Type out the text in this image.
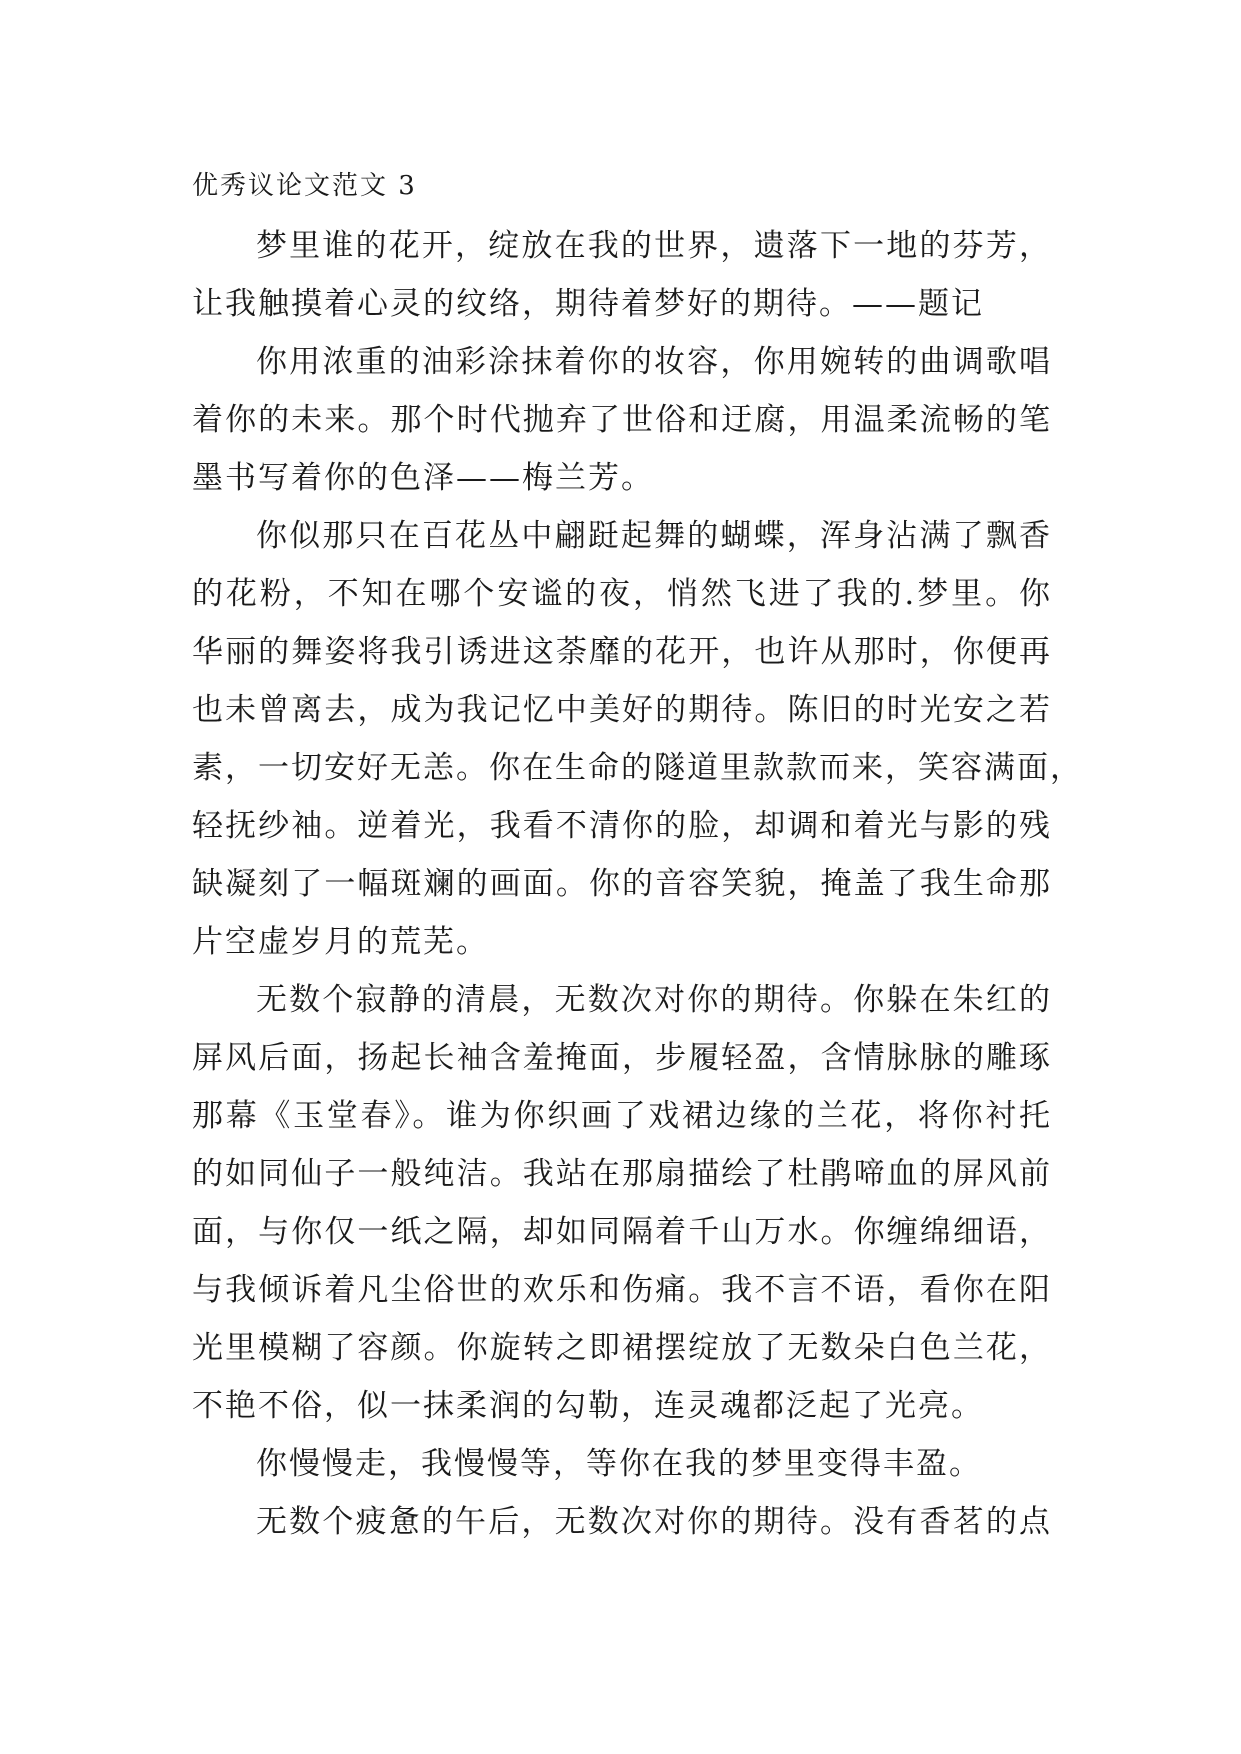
优秀议论文范文 3
梦里谁的花开，绽放在我的世界，遗落下一地的芬芳，
让我触摸着心灵的纹络，期待着梦好的期待。——题记
你用浓重的油彩涂抹着你的妆容，你用婉转的曲调歌唱
着你的未来。那个时代抛弃了世俗和迂腐，用温柔流畅的笔
墨书写着你的色泽——梅兰芳。
你似那只在百花丛中翩跹起舞的蝴蝶，浑身沾满了飘香
的花粉，不知在哪个安谧的夜，悄然飞进了我的.梦里。你
华丽的舞姿将我引诱进这荼靡的花开，也许从那时，你便再
也未曾离去，成为我记忆中美好的期待。陈旧的时光安之若
素，一切安好无恙。你在生命的隧道里款款而来，笑容满面，
轻抚纱袖。逆着光，我看不清你的脸，却调和着光与影的残
缺凝刻了一幅斑斓的画面。你的音容笑貌，掩盖了我生命那
片空虚岁月的荒芜。
无数个寂静的清晨，无数次对你的期待。你躲在朱红的
屏风后面，扬起长袖含羞掩面，步履轻盈，含情脉脉的雕琢
那幕《玉堂春》。谁为你织画了戏裙边缘的兰花，将你衬托
的如同仙子一般纯洁。我站在那扇描绘了杜鹃啼血的屏风前
面，与你仅一纸之隔，却如同隔着千山万水。你缠绵细语，
与我倾诉着凡尘俗世的欢乐和伤痛。我不言不语，看你在阳
光里模糊了容颜。你旋转之即裙摆绽放了无数朵白色兰花，
不艳不俗，似一抹柔润的勾勒，连灵魂都泛起了光亮。
你慢慢走，我慢慢等，等你在我的梦里变得丰盈。
无数个疲惫的午后，无数次对你的期待。没有香茗的点
